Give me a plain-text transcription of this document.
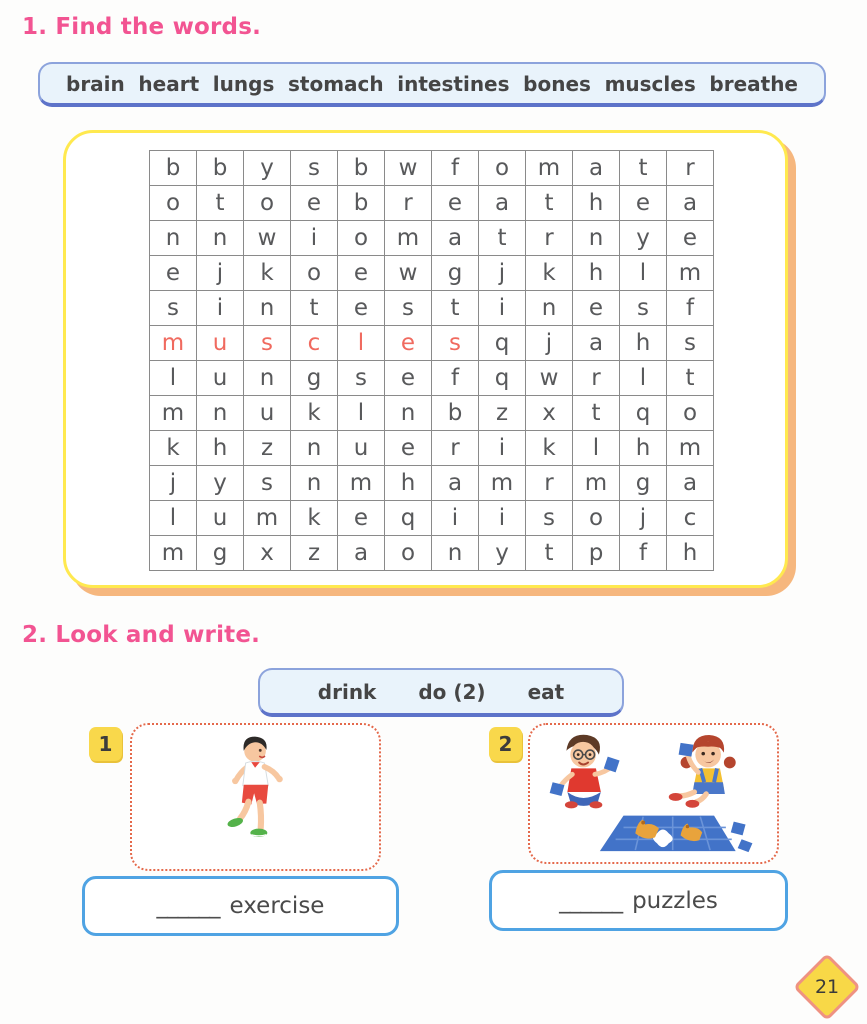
1. Find the words.
brain heart lungs stomach intestines bones muscles breathe
b	b	y	s	b	w	f	o	m	a	t	r
o	t	o	e	b	r	e	a	t	h	e	a
n	n	w	i	o	m	a	t	r	n	y	e
e	j	k	o	e	w	g	j	k	h	l	m
s	i	n	t	e	s	t	i	n	e	s	f
m	u	s	c	l	e	s	q	j	a	h	s
l	u	n	g	s	e	f	q	w	r	l	t
m	n	u	k	l	n	b	z	x	t	q	o
k	h	z	n	u	e	r	i	k	l	h	m
j	y	s	n	m	h	a	m	r	m	g	a
l	u	m	k	e	q	i	i	s	o	j	c
m	g	x	z	a	o	n	y	t	p	f	h
2. Look and write.
drink do (2) eat
1
______ exercise
2
______ puzzles
21
